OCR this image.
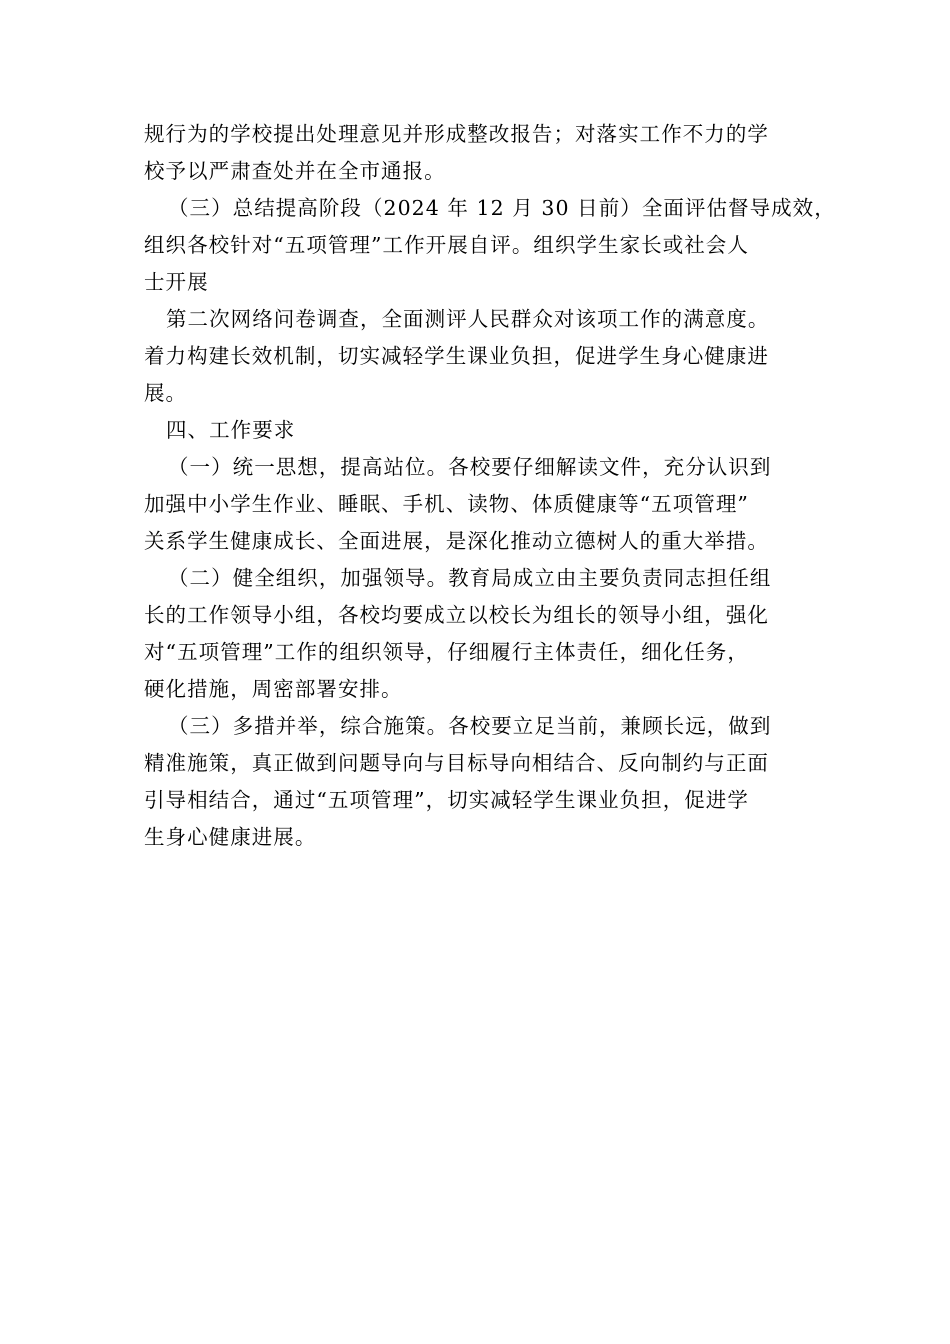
规行为的学校提出处理意见并形成整改报告；对落实工作不力的学
校予以严肃查处并在全市通报。
（三）总结提高阶段（2024 年 12 月 30 日前）全面评估督导成效，
组织各校针对“五项管理”工作开展自评。组织学生家长或社会人
士开展
第二次网络问卷调查，全面测评人民群众对该项工作的满意度。
着力构建长效机制，切实减轻学生课业负担，促进学生身心健康进
展。
四、工作要求
（一）统一思想，提高站位。各校要仔细解读文件，充分认识到
加强中小学生作业、睡眠、手机、读物、体质健康等“五项管理”
关系学生健康成长、全面进展，是深化推动立德树人的重大举措。
（二）健全组织，加强领导。教育局成立由主要负责同志担任组
长的工作领导小组，各校均要成立以校长为组长的领导小组，强化
对“五项管理”工作的组织领导，仔细履行主体责任，细化任务，
硬化措施，周密部署安排。
（三）多措并举，综合施策。各校要立足当前，兼顾长远，做到
精准施策，真正做到问题导向与目标导向相结合、反向制约与正面
引导相结合，通过“五项管理”，切实减轻学生课业负担，促进学
生身心健康进展。
